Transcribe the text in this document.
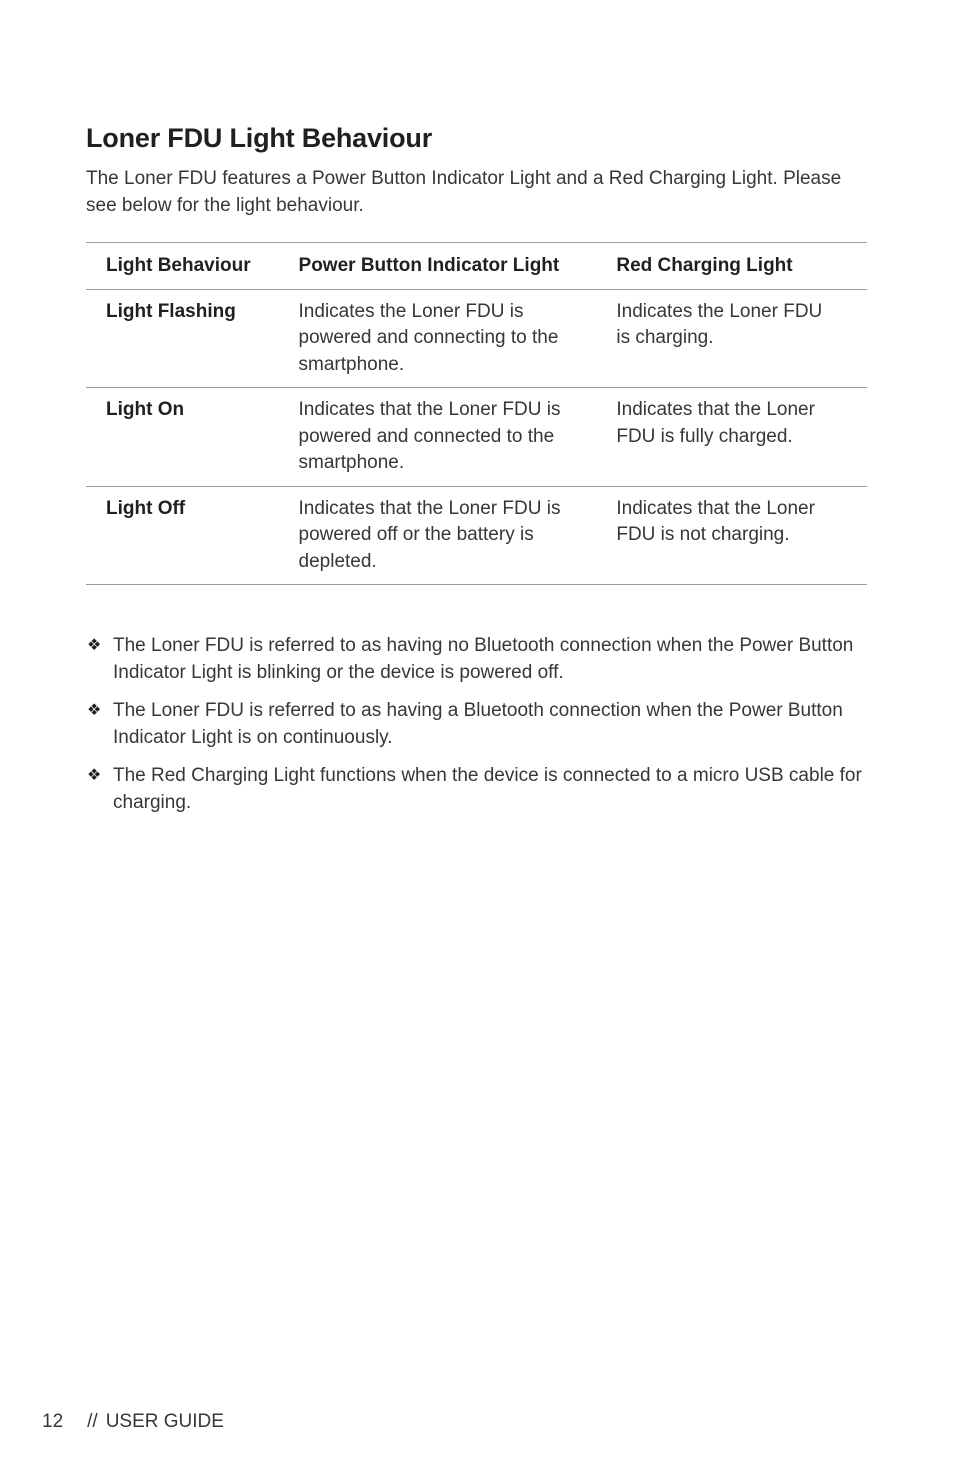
Loner FDU Light Behaviour

The Loner FDU features a Power Button Indicator Light and a Red Charging Light. Please see below for the light behaviour.

Light Behaviour	Power Button Indicator Light	Red Charging Light
Light Flashing	Indicates the Loner FDU is powered and connecting to the smartphone.	Indicates the Loner FDU is charging.

Light On	Indicates that the Loner FDU is powered and connected to the smartphone.	Indicates that the Loner FDU is fully charged.

Light Off	Indicates that the Loner FDU is powered off or the battery is depleted.	Indicates that the Loner FDU is not charging.
❖ The Loner FDU is referred to as having no Bluetooth connection when the Power Button Indicator Light is blinking or the device is powered off.
❖ The Loner FDU is referred to as having a Bluetooth connection when the Power Button Indicator Light is on continuously.
❖ The Red Charging Light functions when the device is connected to a micro USB cable for charging.
12 // USER GUIDE
